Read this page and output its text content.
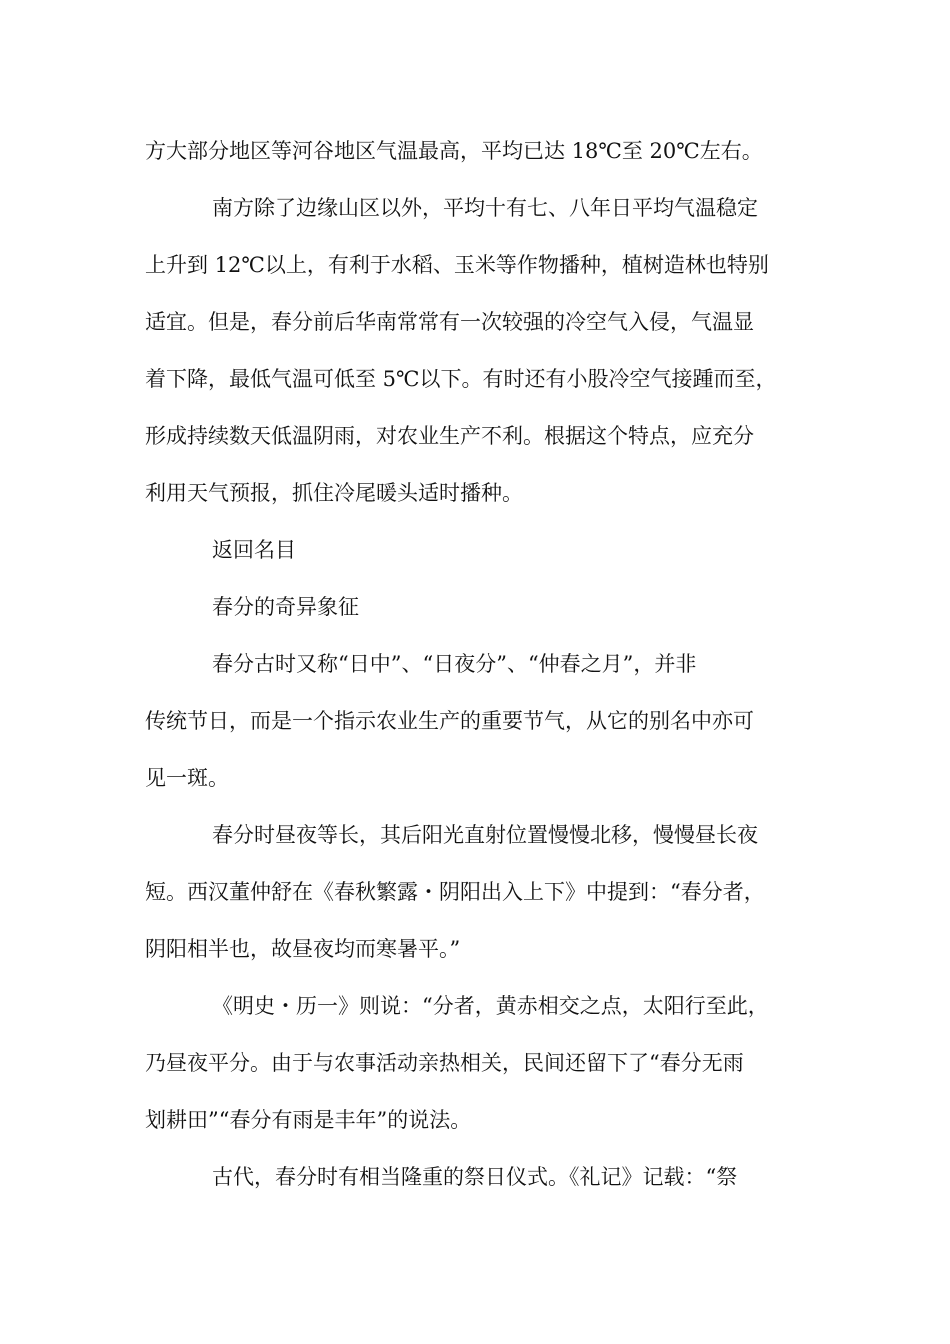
方大部分地区等河谷地区气温最高，平均已达 18℃至 20℃左右。
南方除了边缘山区以外，平均十有七、八年日平均气温稳定
上升到 12℃以上，有利于水稻、玉米等作物播种，植树造林也特别
适宜。但是，春分前后华南常常有一次较强的冷空气入侵，气温显
着下降，最低气温可低至 5℃以下。有时还有小股冷空气接踵而至，
形成持续数天低温阴雨，对农业生产不利。根据这个特点，应充分
利用天气预报，抓住冷尾暖头适时播种。
返回名目
春分的奇异象征
春分古时又称“日中”、“日夜分”、“仲春之月”，并非
传统节日，而是一个指示农业生产的重要节气，从它的别名中亦可
见一斑。
春分时昼夜等长，其后阳光直射位置慢慢北移，慢慢昼长夜
短。西汉董仲舒在《春秋繁露・阴阳出入上下》中提到：“春分者，
阴阳相半也，故昼夜均而寒暑平。”
《明史・历一》则说：“分者，黄赤相交之点，太阳行至此，
乃昼夜平分。由于与农事活动亲热相关，民间还留下了“春分无雨
划耕田”“春分有雨是丰年”的说法。
古代，春分时有相当隆重的祭日仪式。《礼记》记载：“祭
